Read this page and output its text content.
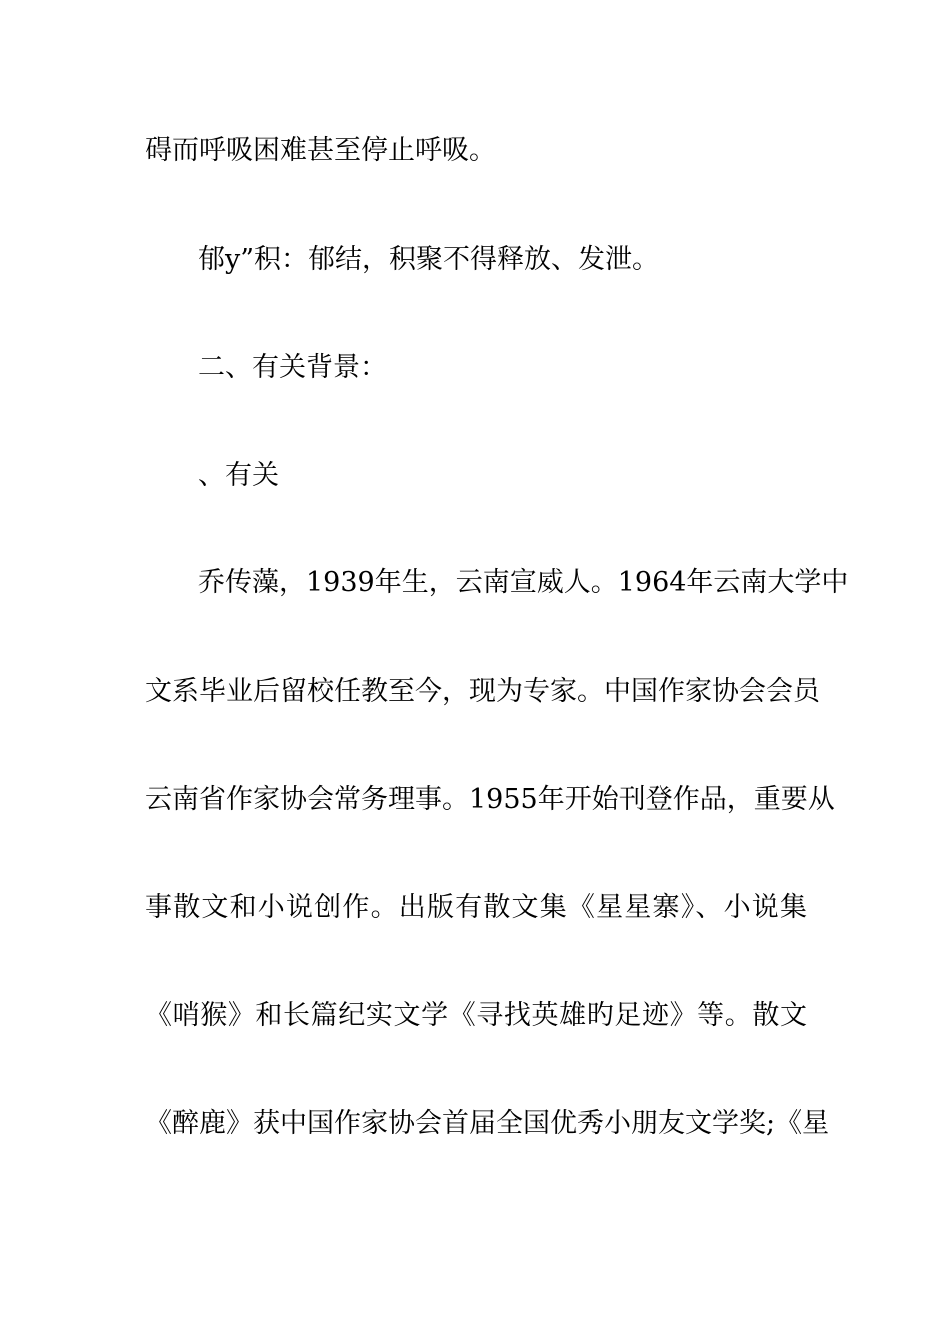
碍而呼吸困难甚至停止呼吸。
郁y”积：郁结，积聚不得释放、发泄。
二、有关背景：
、有关
乔传藻，1939年生，云南宣威人。1964年云南大学中
文系毕业后留校任教至今，现为专家。中国作家协会会员
云南省作家协会常务理事。1955年开始刊登作品，重要从
事散文和小说创作。出版有散文集《星星寨》、小说集
《哨猴》和长篇纪实文学《寻找英雄旳足迹》等。散文
《醉鹿》获中国作家协会首届全国优秀小朋友文学奖;《星
